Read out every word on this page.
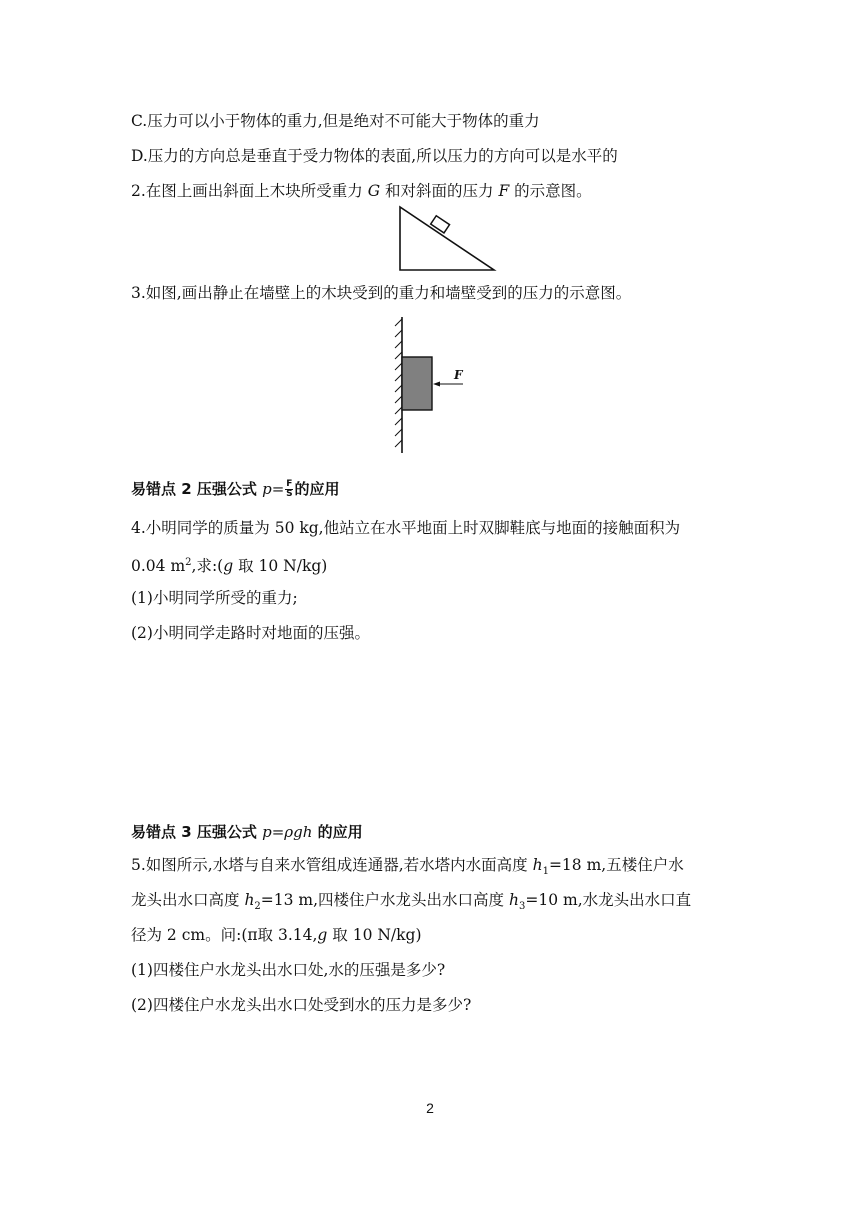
C.压力可以小于物体的重力,但是绝对不可能大于物体的重力
D.压力的方向总是垂直于受力物体的表面,所以压力的方向可以是水平的
2.在图上画出斜面上木块所受重力 G 和对斜面的压力 F 的示意图。
3.如图,画出静止在墙壁上的木块受到的重力和墙壁受到的压力的示意图。
F
易错点 2 压强公式 $p= \frac{F}{S}$ 的应用
4.小明同学的质量为 50 kg,他站立在水平地面上时双脚鞋底与地面的接触面积为
0.04 $m^2$,求:(g 取 10 N/kg)
(1)小明同学所受的重力;
(2)小明同学走路时对地面的压强。
易错点 3 压强公式 p=ρgh 的应用
5.如图所示,水塔与自来水管组成连通器,若水塔内水面高度 $h_1=18$ m,五楼住户水
龙头出水口高度 $h_2=13$ m,四楼住户水龙头出水口高度 $h_3=10$ m,水龙头出水口直
径为 2 cm。问:(π取 3.14,g 取 10 N/kg)
(1)四楼住户水龙头出水口处,水的压强是多少?
(2)四楼住户水龙头出水口处受到水的压力是多少?
2
